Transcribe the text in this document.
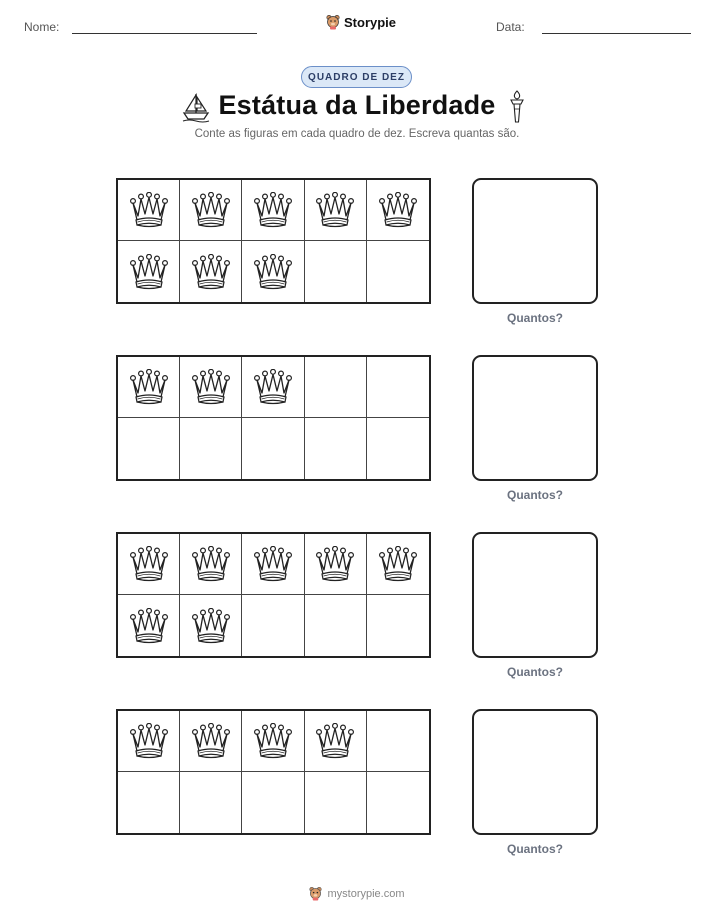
Nome:	Data:
Storypie
QUADRO DE DEZ
Estátua da Liberdade
Conte as figuras em cada quadro de dez. Escreva quantas são.
Quantos?
Quantos?
Quantos?
Quantos?
mystorypie.com
